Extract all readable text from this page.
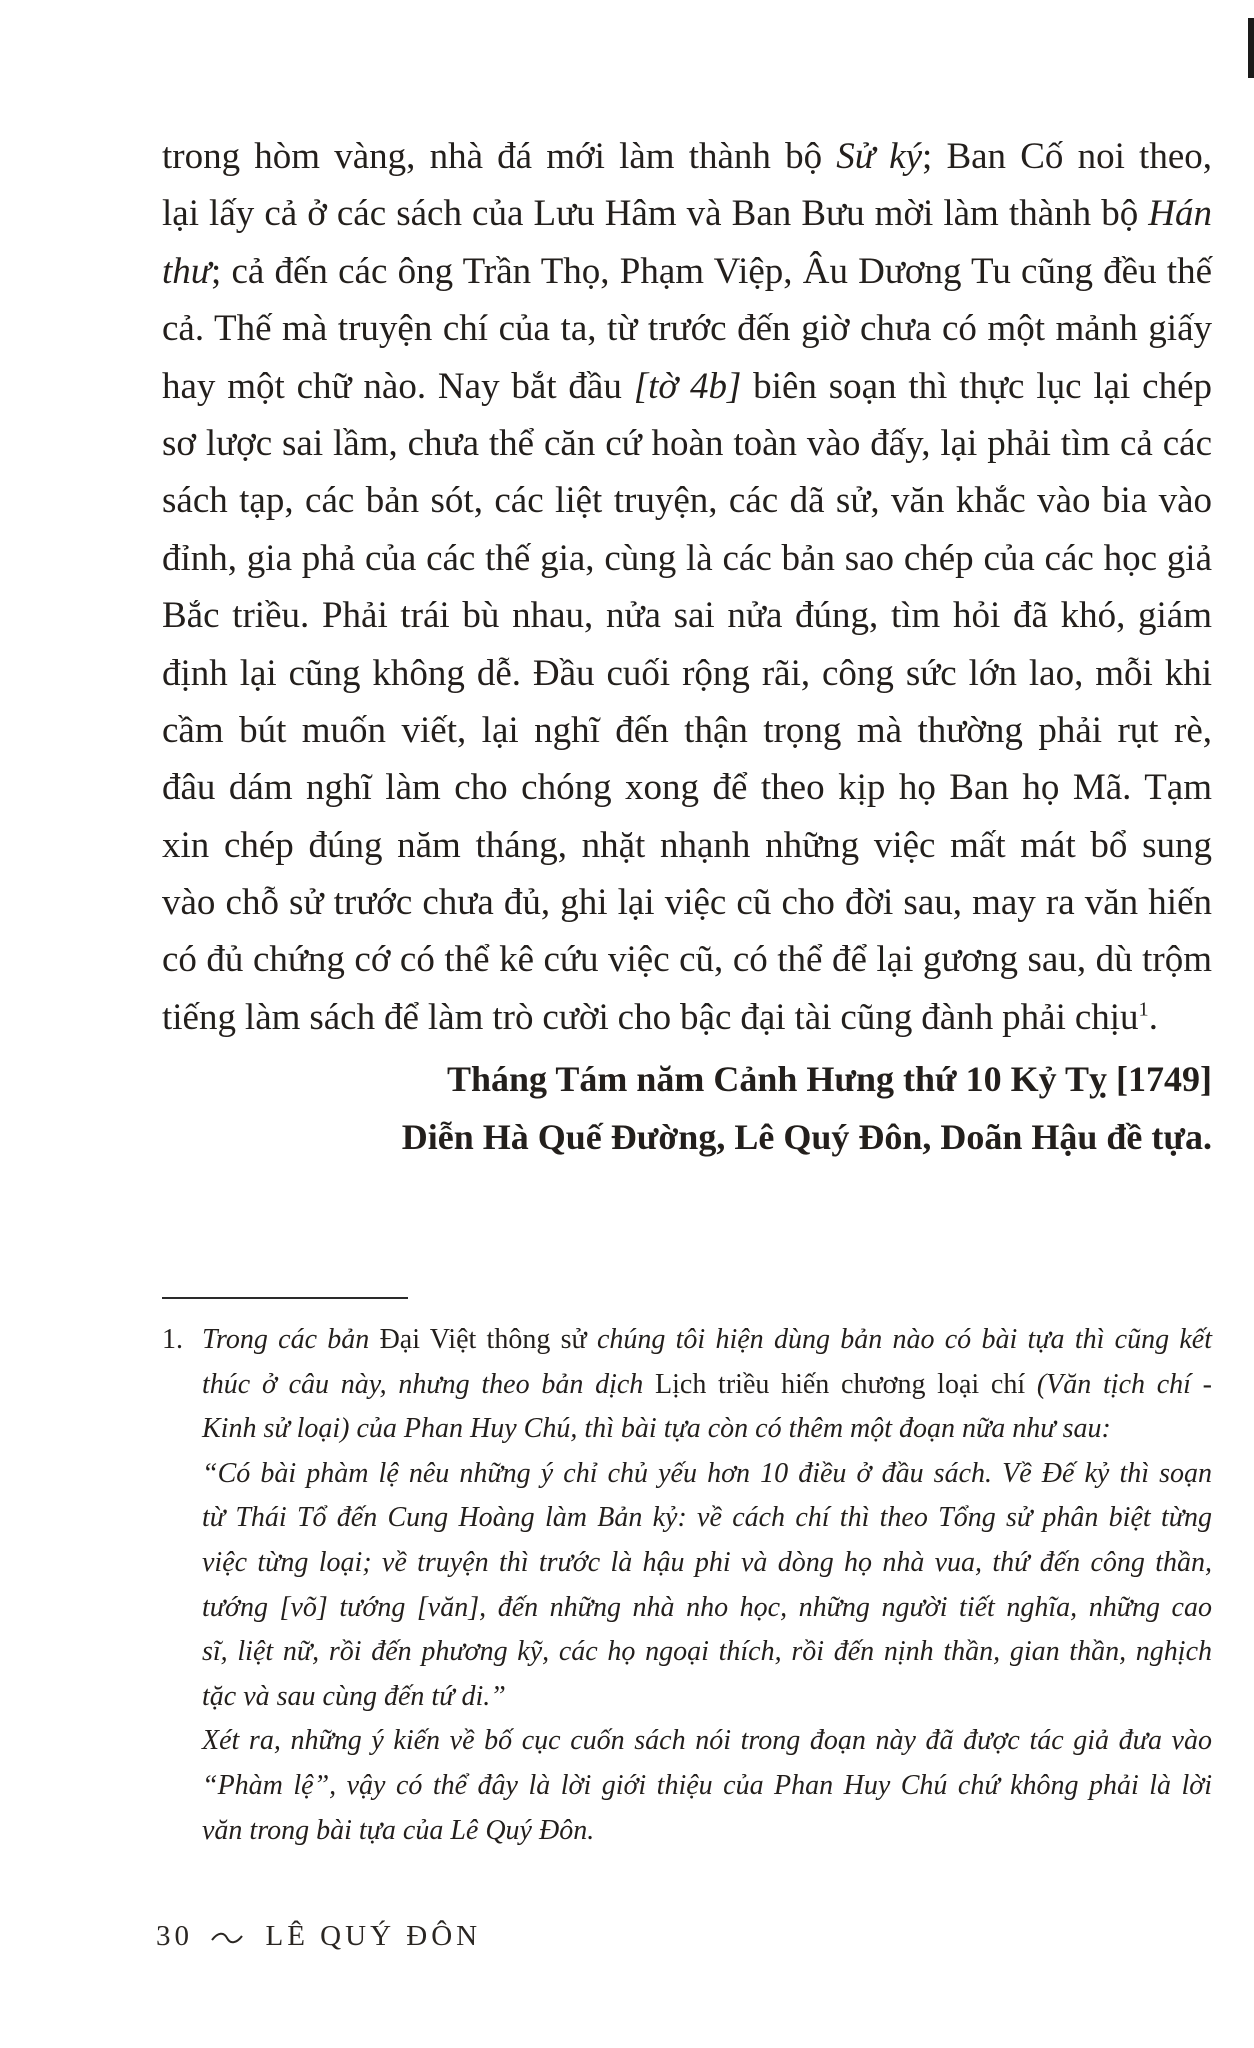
trong hòm vàng, nhà đá mới làm thành bộ Sử ký; Ban Cố noi theo,
lại lấy cả ở các sách của Lưu Hâm và Ban Bưu mời làm thành bộ Hán
thư; cả đến các ông Trần Thọ, Phạm Việp, Âu Dương Tu cũng đều thế
cả. Thế mà truyện chí của ta, từ trước đến giờ chưa có một mảnh giấy
hay một chữ nào. Nay bắt đầu [tờ 4b] biên soạn thì thực lục lại chép
sơ lược sai lầm, chưa thể căn cứ hoàn toàn vào đấy, lại phải tìm cả các
sách tạp, các bản sót, các liệt truyện, các dã sử, văn khắc vào bia vào
đỉnh, gia phả của các thế gia, cùng là các bản sao chép của các học giả
Bắc triều. Phải trái bù nhau, nửa sai nửa đúng, tìm hỏi đã khó, giám
định lại cũng không dễ. Đầu cuối rộng rãi, công sức lớn lao, mỗi khi
cầm bút muốn viết, lại nghĩ đến thận trọng mà thường phải rụt rè,
đâu dám nghĩ làm cho chóng xong để theo kịp họ Ban họ Mã. Tạm
xin chép đúng năm tháng, nhặt nhạnh những việc mất mát bổ sung
vào chỗ sử trước chưa đủ, ghi lại việc cũ cho đời sau, may ra văn hiến
có đủ chứng cớ có thể kê cứu việc cũ, có thể để lại gương sau, dù trộm
tiếng làm sách để làm trò cười cho bậc đại tài cũng đành phải chịu$^1$.
Tháng Tám năm Cảnh Hưng thứ 10 Kỷ Tỵ [1749]
Diễn Hà Quế Đường, Lê Quý Đôn, Doãn Hậu đề tựa.
1. Trong các bản Đại Việt thông sử chúng tôi hiện dùng bản nào có bài tựa thì cũng kết
thúc ở câu này, nhưng theo bản dịch Lịch triều hiến chương loại chí (Văn tịch chí -
Kinh sử loại) của Phan Huy Chú, thì bài tựa còn có thêm một đoạn nữa như sau:
“Có bài phàm lệ nêu những ý chỉ chủ yếu hơn 10 điều ở đầu sách. Về Đế kỷ thì soạn
từ Thái Tổ đến Cung Hoàng làm Bản kỷ: về cách chí thì theo Tổng sử phân biệt từng
việc từng loại; về truyện thì trước là hậu phi và dòng họ nhà vua, thứ đến công thần,
tướng [võ] tướng [văn], đến những nhà nho học, những người tiết nghĩa, những cao
sĩ, liệt nữ, rồi đến phương kỹ, các họ ngoại thích, rồi đến nịnh thần, gian thần, nghịch
tặc và sau cùng đến tứ di.”
Xét ra, những ý kiến về bố cục cuốn sách nói trong đoạn này đã được tác giả đưa vào
“Phàm lệ”, vậy có thể đây là lời giới thiệu của Phan Huy Chú chứ không phải là lời
văn trong bài tựa của Lê Quý Đôn.
30	LÊ QUÝ ĐÔN
